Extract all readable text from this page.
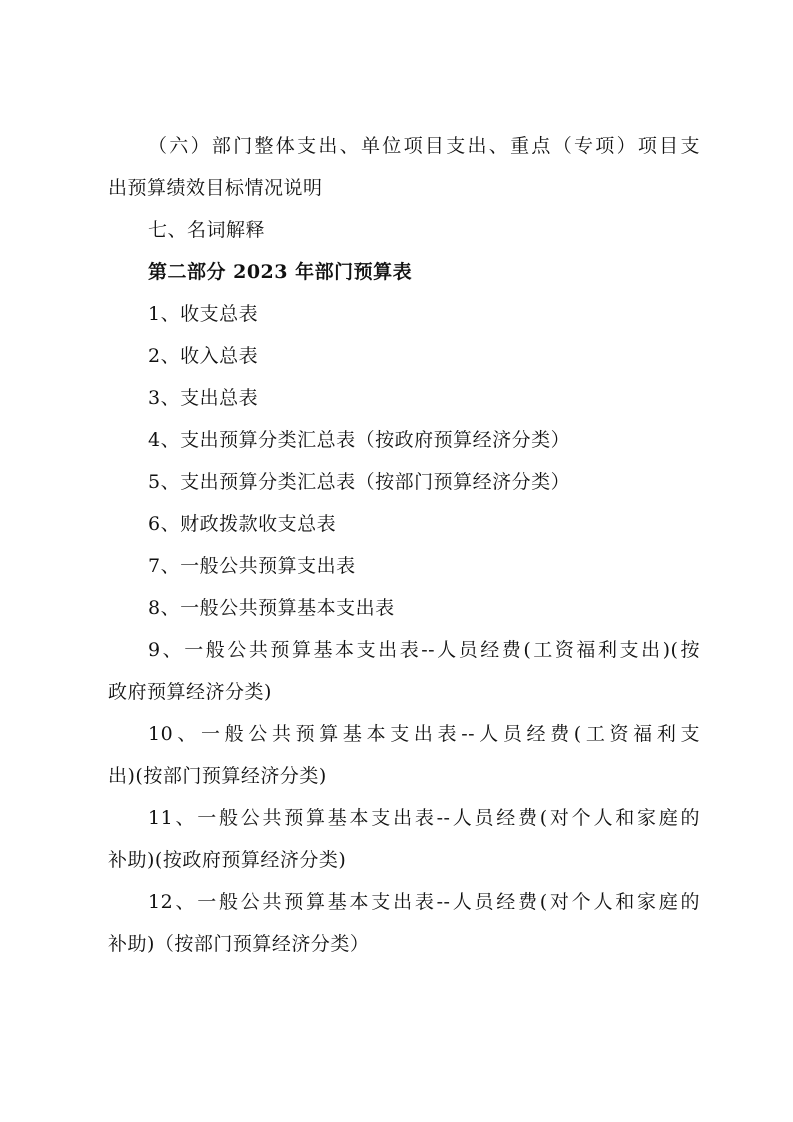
（六）部门整体支出、单位项目支出、重点（专项）项目支
出预算绩效目标情况说明
七、名词解释
第二部分 2023 年部门预算表
1、收支总表
2、收入总表
3、支出总表
4、支出预算分类汇总表（按政府预算经济分类）
5、支出预算分类汇总表（按部门预算经济分类）
6、财政拨款收支总表
7、一般公共预算支出表
8、一般公共预算基本支出表
9、一般公共预算基本支出表--人员经费(工资福利支出)(按
政府预算经济分类)
10、一般公共预算基本支出表--人员经费(工资福利支
出)(按部门预算经济分类)
11、一般公共预算基本支出表--人员经费(对个人和家庭的
补助)(按政府预算经济分类)
12、一般公共预算基本支出表--人员经费(对个人和家庭的
补助)（按部门预算经济分类）
